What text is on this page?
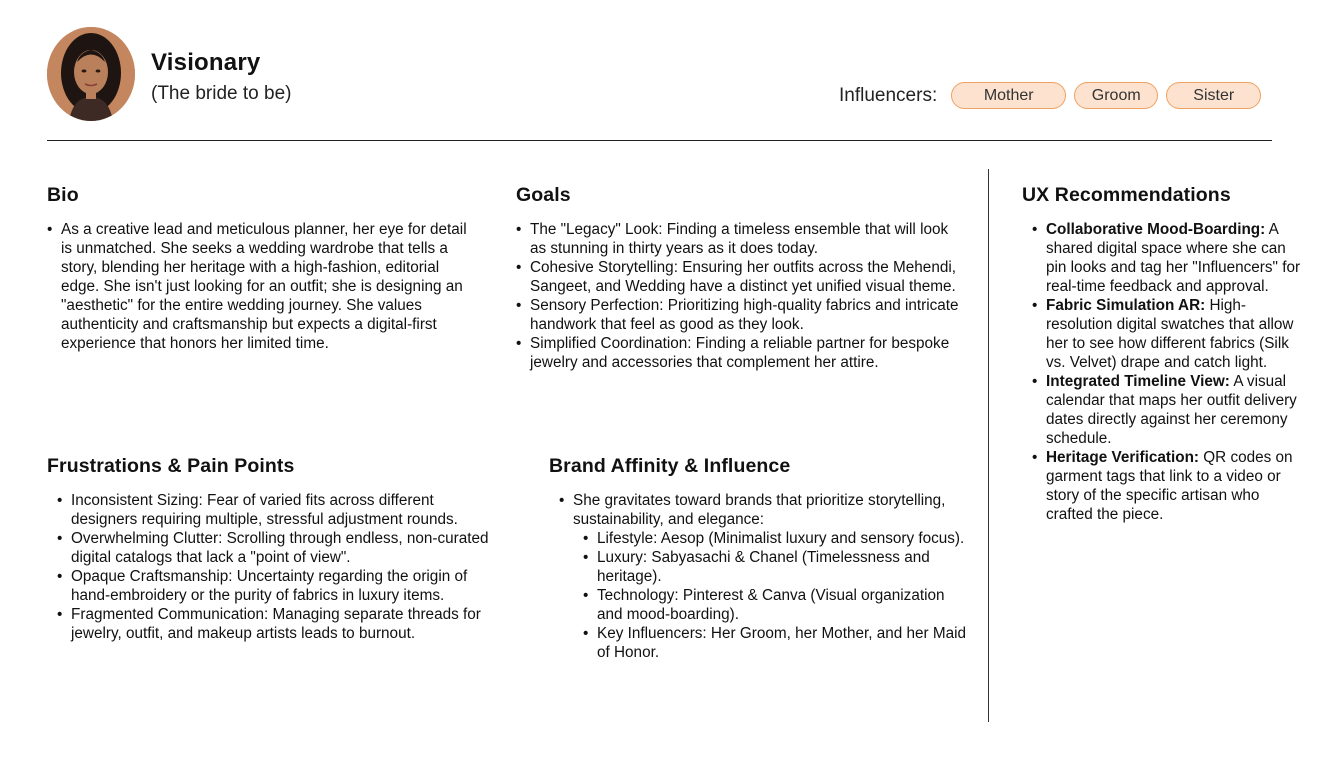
Visionary
(The bride to be)	Influencers:	Mother	Groom	Sister
Bio
• As a creative lead and meticulous planner, her eye for detail is unmatched. She seeks a wedding wardrobe that tells a story, blending her heritage with a high-fashion, editorial edge. She isn't just looking for an outfit; she is designing an "aesthetic" for the entire wedding journey. She values authenticity and craftsmanship but expects a digital-first experience that honors her limited time.
Goals
• The "Legacy" Look: Finding a timeless ensemble that will look as stunning in thirty years as it does today.
• Cohesive Storytelling: Ensuring her outfits across the Mehendi, Sangeet, and Wedding have a distinct yet unified visual theme.
• Sensory Perfection: Prioritizing high-quality fabrics and intricate handwork that feel as good as they look.
• Simplified Coordination: Finding a reliable partner for bespoke jewelry and accessories that complement her attire.
Frustrations & Pain Points
• Inconsistent Sizing: Fear of varied fits across different designers requiring multiple, stressful adjustment rounds.
• Overwhelming Clutter: Scrolling through endless, non-curated digital catalogs that lack a "point of view".
• Opaque Craftsmanship: Uncertainty regarding the origin of hand-embroidery or the purity of fabrics in luxury items.
• Fragmented Communication: Managing separate threads for jewelry, outfit, and makeup artists leads to burnout.
Brand Affinity & Influence
• She gravitates toward brands that prioritize storytelling, sustainability, and elegance:
• Lifestyle: Aesop (Minimalist luxury and sensory focus).
• Luxury: Sabyasachi & Chanel (Timelessness and heritage).
• Technology: Pinterest & Canva (Visual organization and mood-boarding).
• Key Influencers: Her Groom, her Mother, and her Maid of Honor.
UX Recommendations
• Collaborative Mood-Boarding: A shared digital space where she can pin looks and tag her "Influencers" for real-time feedback and approval.
• Fabric Simulation AR: High-resolution digital swatches that allow her to see how different fabrics (Silk vs. Velvet) drape and catch light.
• Integrated Timeline View: A visual calendar that maps her outfit delivery dates directly against her ceremony schedule.
• Heritage Verification: QR codes on garment tags that link to a video or story of the specific artisan who crafted the piece.
